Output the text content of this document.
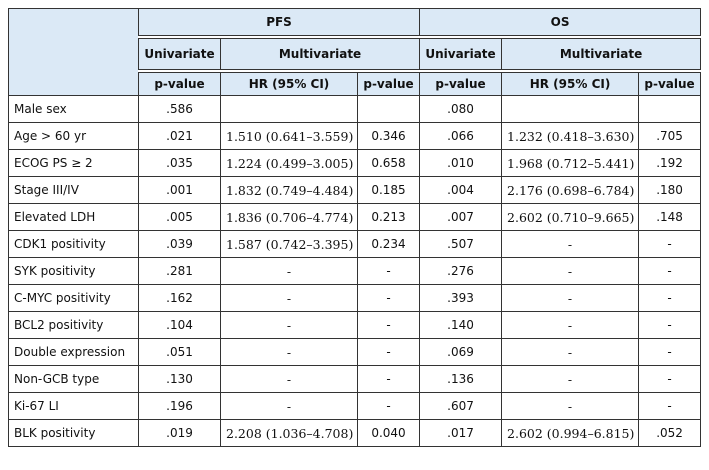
	PFS			OS		
	Univariate	Multivariate		Univariate	Multivariate	
	p-value	HR (95% CI)	p-value	p-value	HR (95% CI)	p-value
Male sex	.586			.080		
Age > 60 yr	.021	1.510 (0.641–3.559)	0.346	.066	1.232 (0.418–3.630)	.705
ECOG PS ≥ 2	.035	1.224 (0.499–3.005)	0.658	.010	1.968 (0.712–5.441)	.192
Stage III/IV	.001	1.832 (0.749–4.484)	0.185	.004	2.176 (0.698–6.784)	.180
Elevated LDH	.005	1.836 (0.706–4.774)	0.213	.007	2.602 (0.710–9.665)	.148
CDK1 positivity	.039	1.587 (0.742–3.395)	0.234	.507	-	-
SYK positivity	.281	-	-	.276	-	-
C-MYC positivity	.162	-	-	.393	-	-
BCL2 positivity	.104	-	-	.140	-	-
Double expression	.051	-	-	.069	-	-
Non-GCB type	.130	-	-	.136	-	-
Ki-67 LI	.196	-	-	.607	-	-
BLK positivity	.019	2.208 (1.036–4.708)	0.040	.017	2.602 (0.994–6.815)	.052
